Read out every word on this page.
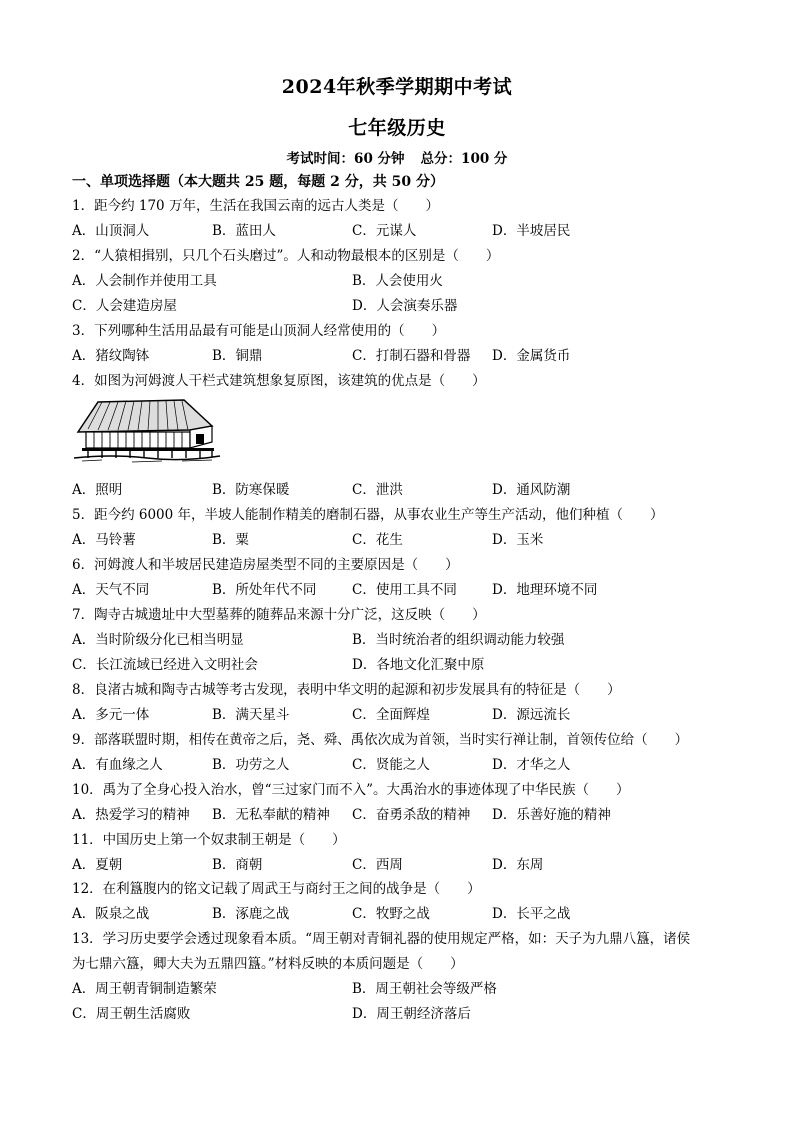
2024年秋季学期期中考试
七年级历史
考试时间：60 分钟 总分：100 分
一、单项选择题（本大题共 25 题，每题 2 分，共 50 分）
1．距今约 170 万年，生活在我国云南的远古人类是（　　）
A．山顶洞人	B．蓝田人	C．元谋人	D．半坡居民
2．“人猿相揖别，只几个石头磨过”。人和动物最根本的区别是（　　）
A．人会制作并使用工具	B．人会使用火
C．人会建造房屋	D．人会演奏乐器
3．下列哪种生活用品最有可能是山顶洞人经常使用的（　　）
A．猪纹陶钵	B．铜鼎	C．打制石器和骨器 D．金属货币
4．如图为河姆渡人干栏式建筑想象复原图，该建筑的优点是（　　）
A．照明	B．防寒保暖	C．泄洪	D．通风防潮
5．距今约 6000 年，半坡人能制作精美的磨制石器，从事农业生产等生产活动，他们种植（　　）
A．马铃薯	B．粟	C．花生	D．玉米
6．河姆渡人和半坡居民建造房屋类型不同的主要原因是（　　）
A．天气不同	B．所处年代不同	C．使用工具不同	D．地理环境不同
7．陶寺古城遗址中大型墓葬的随葬品来源十分广泛，这反映（　　）
A．当时阶级分化已相当明显	B．当时统治者的组织调动能力较强
C．长江流域已经进入文明社会	D．各地文化汇聚中原
8．良渚古城和陶寺古城等考古发现，表明中华文明的起源和初步发展具有的特征是（　　）
A．多元一体	B．满天星斗	C．全面辉煌	D．源远流长
9．部落联盟时期，相传在黄帝之后，尧、舜、禹依次成为首领，当时实行禅让制，首领传位给（　　）
A．有血缘之人	B．功劳之人	C．贤能之人	D．才华之人
10．禹为了全身心投入治水，曾“三过家门而不入”。大禹治水的事迹体现了中华民族（　　）
A．热爱学习的精神 B．无私奉献的精神 C．奋勇杀敌的精神 D．乐善好施的精神
11．中国历史上第一个奴隶制王朝是（　　）
A．夏朝	B．商朝	C．西周	D．东周
12．在利簋腹内的铭文记载了周武王与商纣王之间的战争是（　　）
A．阪泉之战	B．涿鹿之战	C．牧野之战	D．长平之战
13．学习历史要学会透过现象看本质。“周王朝对青铜礼器的使用规定严格，如：天子为九鼎八簋，诸侯
为七鼎六簋，卿大夫为五鼎四簋。”材料反映的本质问题是（　　）
A．周王朝青铜制造繁荣	B．周王朝社会等级严格
C．周王朝生活腐败	D．周王朝经济落后
